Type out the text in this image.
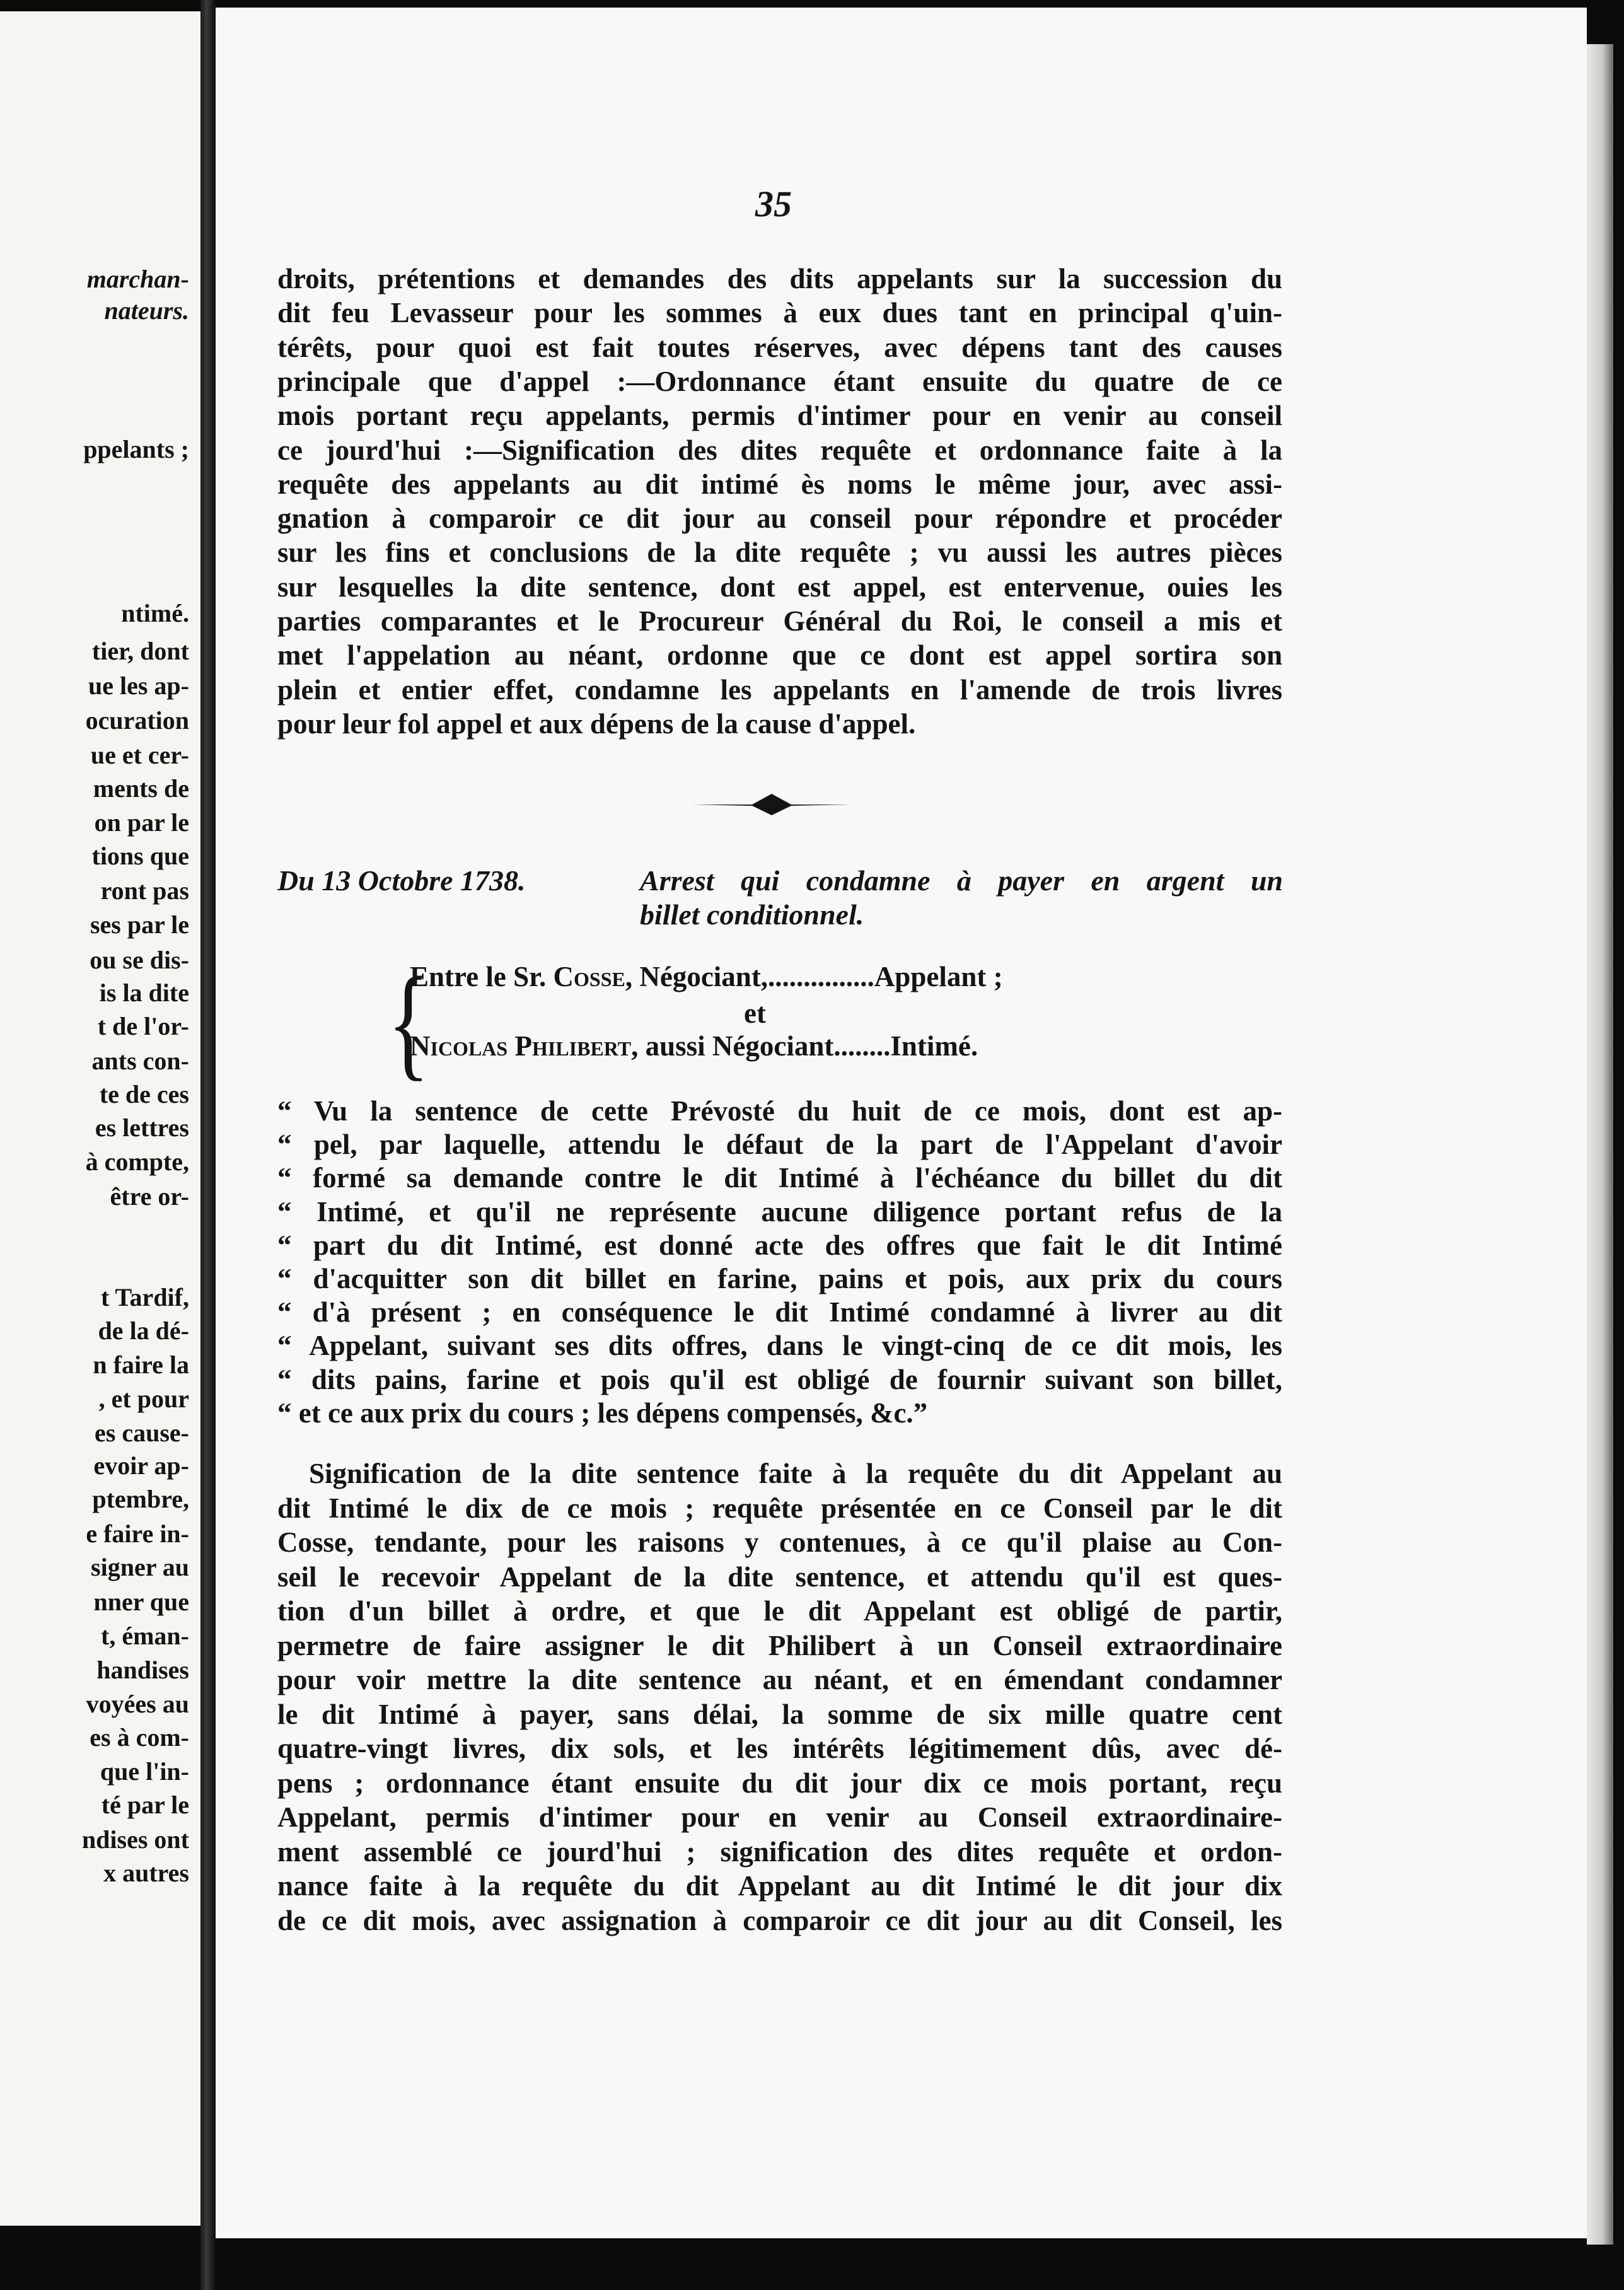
marchan-
nateurs.
ppelants ;
ntimé.
tier, dont
ue les ap-
ocuration
ue et cer-
ments de
on par le
tions que
ront pas
ses par le
ou se dis-
is la dite
t de l'or-
ants con-
te de ces
es lettres
à compte,
être or-
t Tardif,
de la dé-
n faire la
, et pour
es cause-
evoir ap-
ptembre,
e faire in-
signer au
nner que
t, éman-
handises
voyées au
es à com-
que l'in-
té par le
ndises ont
x autres
35
droits, prétentions et demandes des dits appelants sur la succession du
dit feu Levasseur pour les sommes à eux dues tant en principal q'uin-
térêts, pour quoi est fait toutes réserves, avec dépens tant des causes
principale que d'appel :—Ordonnance étant ensuite du quatre de ce
mois portant reçu appelants, permis d'intimer pour en venir au conseil
ce jourd'hui :—Signification des dites requête et ordonnance faite à la
requête des appelants au dit intimé ès noms le même jour, avec assi-
gnation à comparoir ce dit jour au conseil pour répondre et procéder
sur les fins et conclusions de la dite requête ; vu aussi les autres pièces
sur lesquelles la dite sentence, dont est appel, est entervenue, ouies les
parties comparantes et le Procureur Général du Roi, le conseil a mis et
met l'appelation au néant, ordonne que ce dont est appel sortira son
plein et entier effet, condamne les appelants en l'amende de trois livres
pour leur fol appel et aux dépens de la cause d'appel.
Du 13 Octobre 1738.	Arrest qui condamne à payer en argent un
billet conditionnel.
{
Entre le Sr. Cosse, Négociant,...............Appelant ;
et
Nicolas Philibert, aussi Négociant........Intimé.
“ Vu la sentence de cette Prévosté du huit de ce mois, dont est ap-
“ pel, par laquelle, attendu le défaut de la part de l'Appelant d'avoir
“ formé sa demande contre le dit Intimé à l'échéance du billet du dit
“ Intimé, et qu'il ne représente aucune diligence portant refus de la
“ part du dit Intimé, est donné acte des offres que fait le dit Intimé
“ d'acquitter son dit billet en farine, pains et pois, aux prix du cours
“ d'à présent ; en conséquence le dit Intimé condamné à livrer au dit
“ Appelant, suivant ses dits offres, dans le vingt-cinq de ce dit mois, les
“ dits pains, farine et pois qu'il est obligé de fournir suivant son billet,
“ et ce aux prix du cours ; les dépens compensés, &c.”
Signification de la dite sentence faite à la requête du dit Appelant au
dit Intimé le dix de ce mois ; requête présentée en ce Conseil par le dit
Cosse, tendante, pour les raisons y contenues, à ce qu'il plaise au Con-
seil le recevoir Appelant de la dite sentence, et attendu qu'il est ques-
tion d'un billet à ordre, et que le dit Appelant est obligé de partir,
permetre de faire assigner le dit Philibert à un Conseil extraordinaire
pour voir mettre la dite sentence au néant, et en émendant condamner
le dit Intimé à payer, sans délai, la somme de six mille quatre cent
quatre-vingt livres, dix sols, et les intérêts légitimement dûs, avec dé-
pens ; ordonnance étant ensuite du dit jour dix ce mois portant, reçu
Appelant, permis d'intimer pour en venir au Conseil extraordinaire-
ment assemblé ce jourd'hui ; signification des dites requête et ordon-
nance faite à la requête du dit Appelant au dit Intimé le dit jour dix
de ce dit mois, avec assignation à comparoir ce dit jour au dit Conseil, les
